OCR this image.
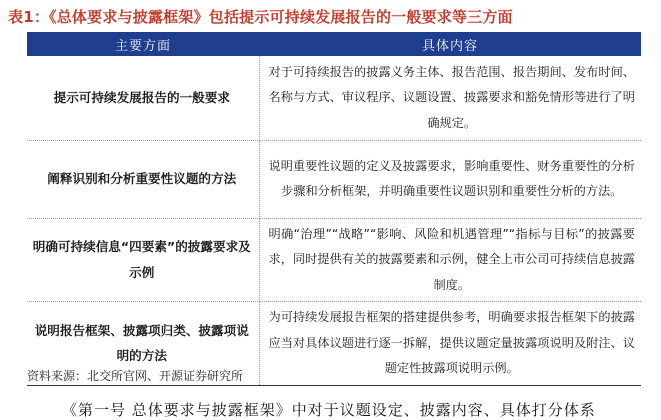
表1：《总体要求与披露框架》包括提示可持续发展报告的一般要求等三方面
主要方面	具体内容
提示可持续发展报告的一般要求	对于可持续报告的披露义务主体、报告范围、报告期间、发布时间、名称与方式、审议程序、议题设置、披露要求和豁免情形等进行了明确规定。
阐释识别和分析重要性议题的方法	说明重要性议题的定义及披露要求，影响重要性、财务重要性的分析步骤和分析框架，并明确重要性议题识别和重要性分析的方法。
明确可持续信息“四要素”的披露要求及示例	明确“治理”“战略”“影响、风险和机遇管理”“指标与目标”的披露要求，同时提供有关的披露要素和示例，健全上市公司可持续信息披露制度。
说明报告框架、披露项归类、披露项说明的方法	为可持续发展报告框架的搭建提供参考，明确要求报告框架下的披露应当对具体议题进行逐一拆解，提供议题定量披露项说明及附注、议题定性披露项说明示例。
资料来源：北交所官网、开源证券研究所
《第一号 总体要求与披露框架》中对于议题设定、披露内容、具体打分体系
